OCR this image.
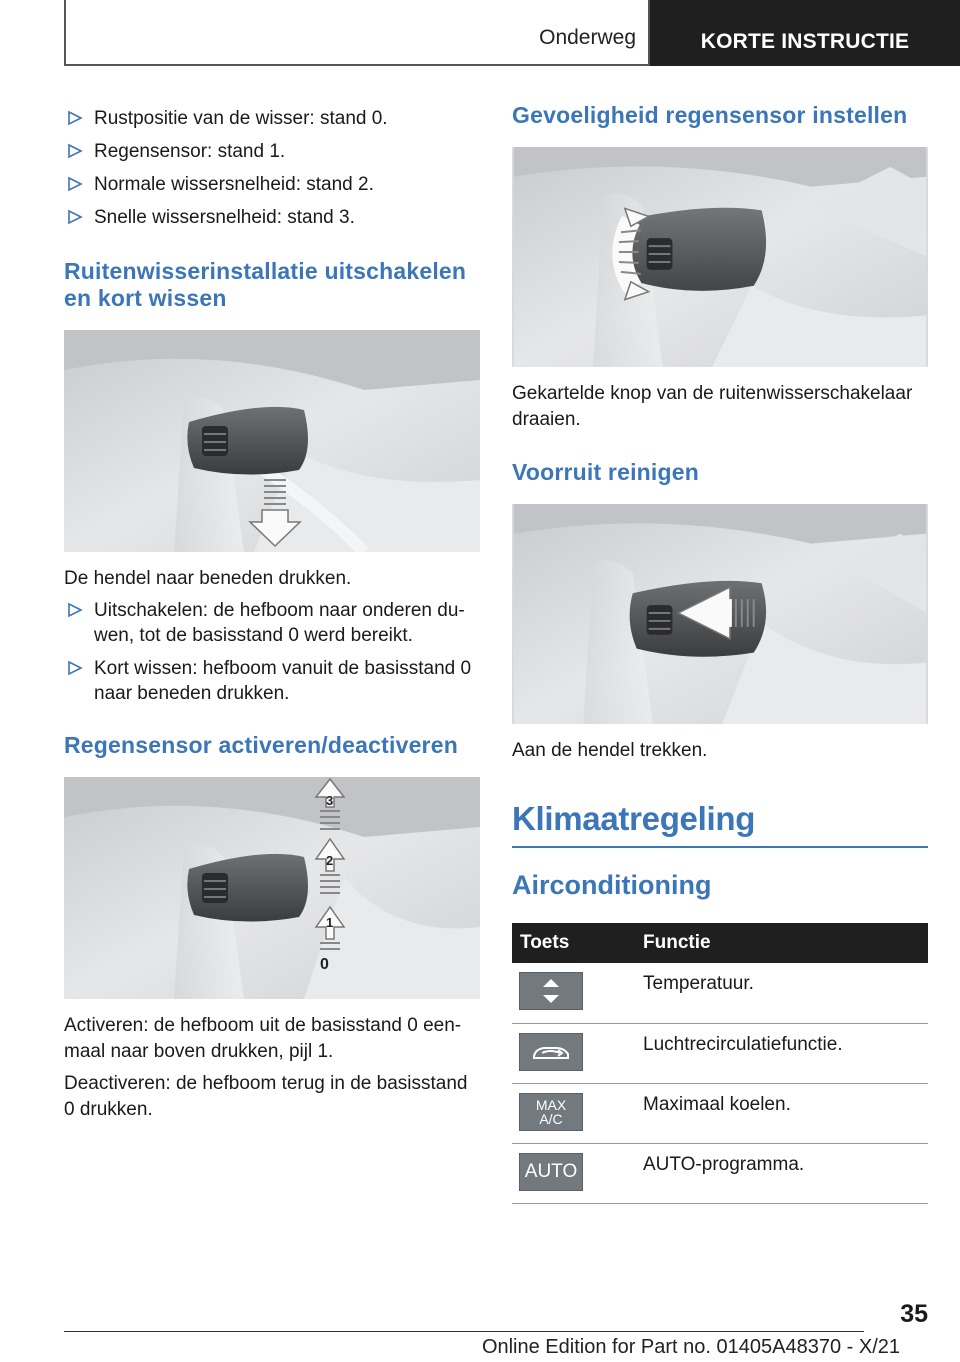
Onderweg	KORTE INSTRUCTIE
Rustpositie van de wisser: stand 0.
Regensensor: stand 1.
Normale wissersnelheid: stand 2.
Snelle wissersnelheid: stand 3.
Ruitenwisserinstallatie uitschakelen en kort wissen

De hendel naar beneden drukken.

Uitschakelen: de hefboom naar onderen du-wen, tot de basisstand 0 werd bereikt.
Kort wissen: hefboom vanuit de basisstand 0 naar beneden drukken.
Regensensor activeren/deactiveren
3
2
1
0

Activeren: de hefboom uit de basisstand 0 een-maal naar boven drukken, pijl 1.

Deactiveren: de hefboom terug in de basisstand 0 drukken.

Gevoeligheid regensensor instellen

Gekartelde knop van de ruitenwisserschakelaar draaien.

Voorruit reinigen

Aan de hendel trekken.

Klimaatregeling
Airconditioning
Toets	Functie

	Temperatuur.

	Luchtrecirculatiefunctie.

MAX
A/C	Maximaal koelen.

AUTO	AUTO-programma.
35
Online Edition for Part no. 01405A48370 - X/21
